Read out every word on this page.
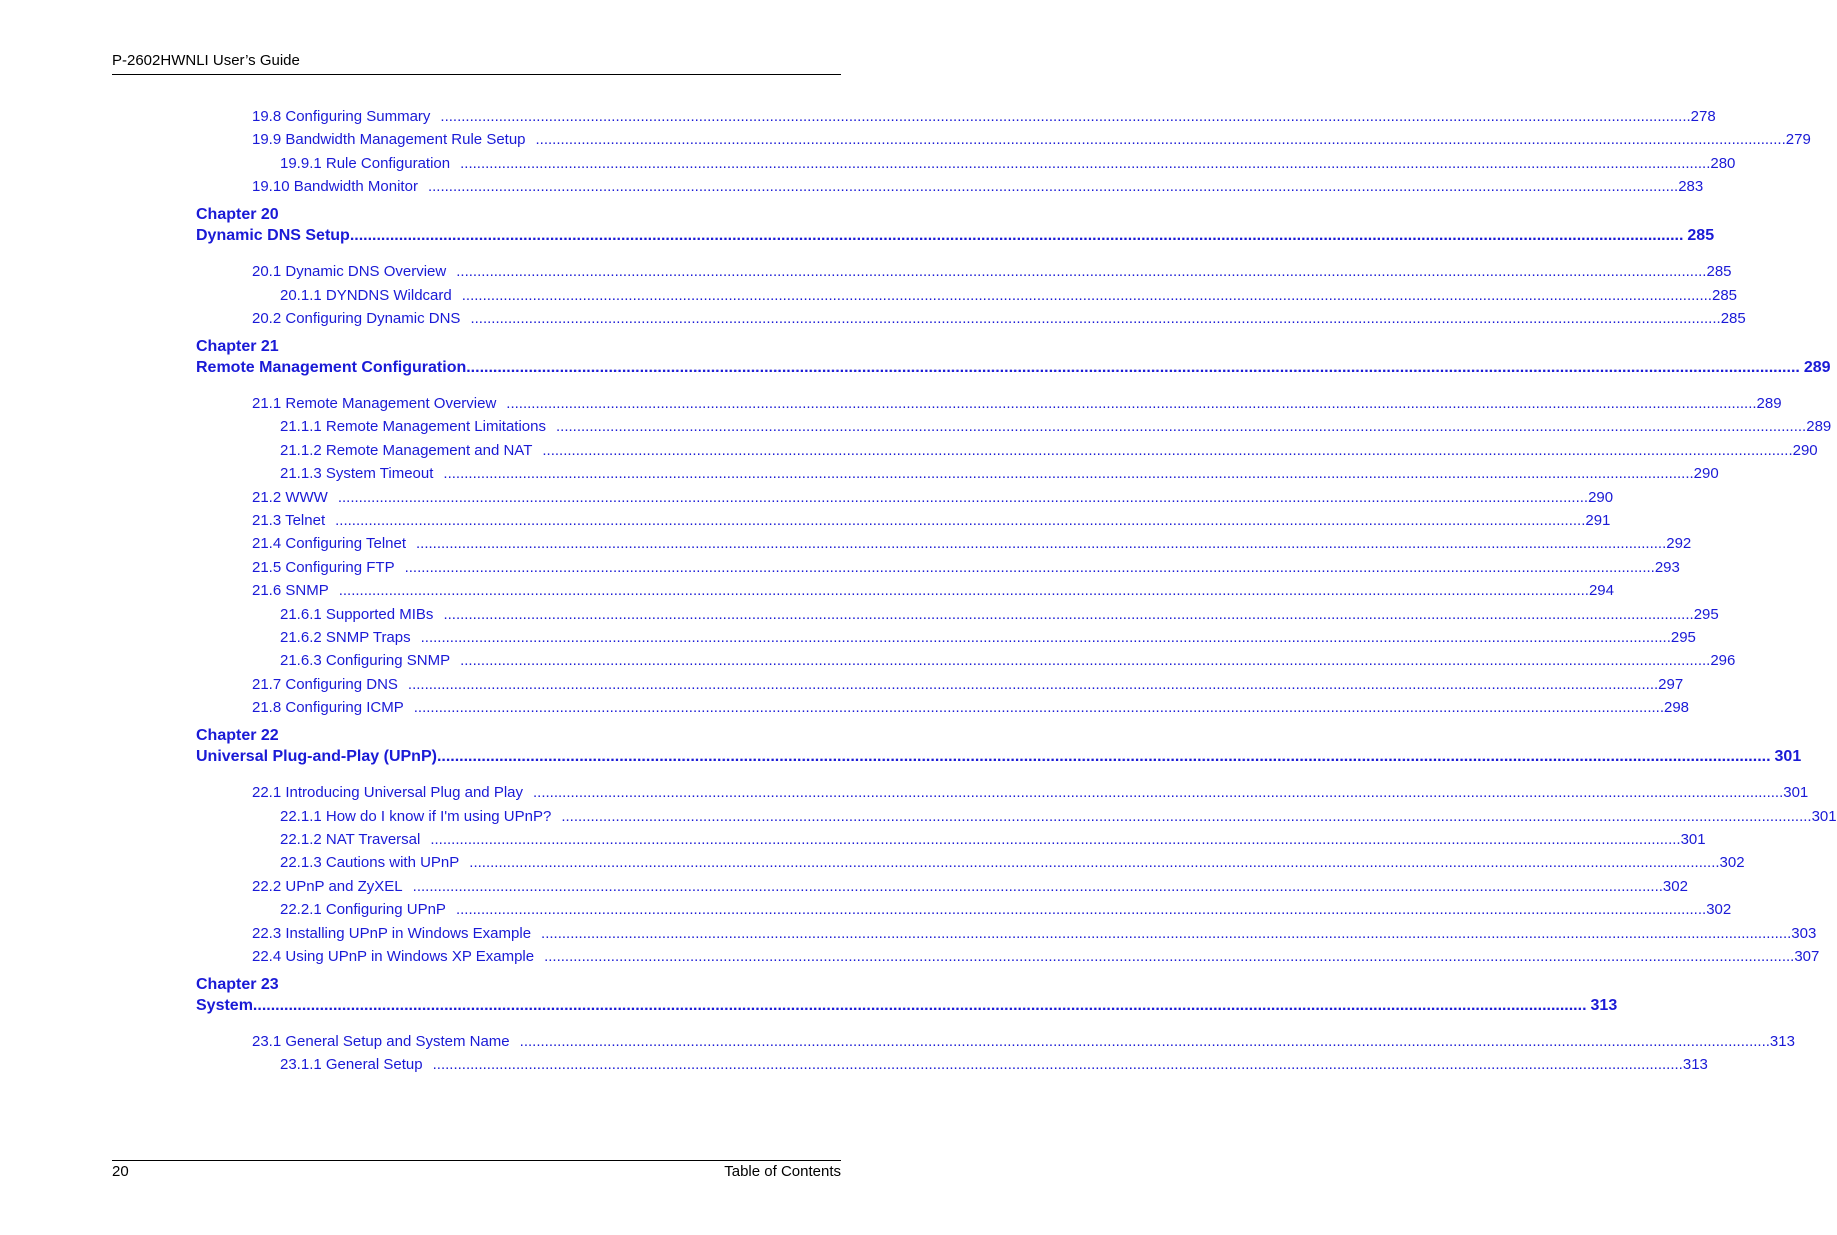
P-2602HWNLI User’s Guide
19.8 Configuring Summary ............................................................................................................................................................................................................................................................................................................ 278
19.9 Bandwidth Management Rule Setup ............................................................................................................................................................................................................................................................................................................ 279
19.9.1 Rule Configuration ............................................................................................................................................................................................................................................................................................................ 280
19.10 Bandwidth Monitor ............................................................................................................................................................................................................................................................................................................ 283
Chapter 20
Dynamic DNS Setup ............................................................................................................................................................................................................................................................................................................ 285
20.1 Dynamic DNS Overview ............................................................................................................................................................................................................................................................................................................ 285
20.1.1 DYNDNS Wildcard ............................................................................................................................................................................................................................................................................................................ 285
20.2 Configuring Dynamic DNS ............................................................................................................................................................................................................................................................................................................ 285
Chapter 21
Remote Management Configuration ............................................................................................................................................................................................................................................................................................................ 289
21.1 Remote Management Overview ............................................................................................................................................................................................................................................................................................................ 289
21.1.1 Remote Management Limitations ............................................................................................................................................................................................................................................................................................................ 289
21.1.2 Remote Management and NAT ............................................................................................................................................................................................................................................................................................................ 290
21.1.3 System Timeout ............................................................................................................................................................................................................................................................................................................ 290
21.2 WWW ............................................................................................................................................................................................................................................................................................................ 290
21.3 Telnet ............................................................................................................................................................................................................................................................................................................ 291
21.4 Configuring Telnet ............................................................................................................................................................................................................................................................................................................ 292
21.5 Configuring FTP ............................................................................................................................................................................................................................................................................................................ 293
21.6 SNMP ............................................................................................................................................................................................................................................................................................................ 294
21.6.1 Supported MIBs ............................................................................................................................................................................................................................................................................................................ 295
21.6.2 SNMP Traps ............................................................................................................................................................................................................................................................................................................ 295
21.6.3 Configuring SNMP ............................................................................................................................................................................................................................................................................................................ 296
21.7 Configuring DNS ............................................................................................................................................................................................................................................................................................................ 297
21.8 Configuring ICMP ............................................................................................................................................................................................................................................................................................................ 298
Chapter 22
Universal Plug-and-Play (UPnP) ............................................................................................................................................................................................................................................................................................................ 301
22.1 Introducing Universal Plug and Play ............................................................................................................................................................................................................................................................................................................ 301
22.1.1 How do I know if I'm using UPnP? ............................................................................................................................................................................................................................................................................................................ 301
22.1.2 NAT Traversal ............................................................................................................................................................................................................................................................................................................ 301
22.1.3 Cautions with UPnP ............................................................................................................................................................................................................................................................................................................ 302
22.2 UPnP and ZyXEL ............................................................................................................................................................................................................................................................................................................ 302
22.2.1 Configuring UPnP ............................................................................................................................................................................................................................................................................................................ 302
22.3 Installing UPnP in Windows Example ............................................................................................................................................................................................................................................................................................................ 303
22.4 Using UPnP in Windows XP Example ............................................................................................................................................................................................................................................................................................................ 307
Chapter 23
System ............................................................................................................................................................................................................................................................................................................ 313
23.1 General Setup and System Name ............................................................................................................................................................................................................................................................................................................ 313
23.1.1 General Setup ............................................................................................................................................................................................................................................................................................................ 313
20	Table of Contents
